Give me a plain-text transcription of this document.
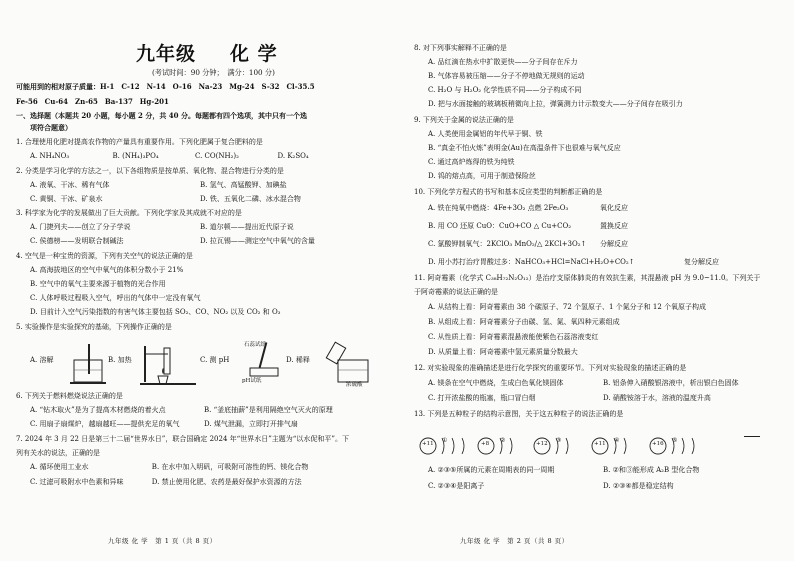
九年级 化 学
(考试时间：90 分钟；　满分：100 分)
可能用到的相对原子质量：H-1　C-12　N-14　O-16　Na-23　Mg-24　S-32　Cl-35.5
Fe-56　Cu-64　Zn-65　Ba-137　Hg-201
一、选择题（本题共 20 小题，每小题 2 分，共 40 分。每题都有四个选项，其中只有一个选
项符合题意）
1. 合理使用化肥对提高农作物的产量具有重要作用。下列化肥属于复合肥料的是
A. NH₄NO₃	B. (NH₄)₃PO₄	C. CO(NH₂)₂	D. K₂SO₄
2. 分类是学习化学的方法之一，以下各组物质是按单质、氧化物、混合物进行分类的是
A. 液氧、干冰、稀有气体	B. 氢气、高锰酸钾、加碘盐
C. 黄铜、干冰、矿泉水	D. 铁、五氧化二磷、冰水混合物
3. 科学家为化学的发展做出了巨大贡献。下列化学家及其成就不对应的是
A. 门捷列夫——创立了分子学说	B. 道尔顿——提出近代原子说
C. 侯德榜——发明联合制碱法	D. 拉瓦锡——测定空气中氧气的含量
4. 空气是一种宝贵的资源，下列有关空气的说法正确的是
A. 高海拔地区的空气中氧气的体积分数小于 21%
B. 空气中的氧气主要来源于植物的光合作用
C. 人体呼吸过程吸入空气，呼出的气体中一定没有氧气
D. 目前计入空气污染指数的有害气体主要包括 SO₂、CO、NO₂ 以及 CO₂ 和 O₃
5. 实验操作是实验探究的基础，下列操作正确的是
A. 溶解	B. 加热	C. 测 pH
石蕊试纸
pH试纸
D. 稀释
浓硫酸
6. 下列关于燃料燃烧说法正确的是
A. “钻木取火”是为了提高木材燃烧的着火点	B. “釜底抽薪”是利用隔绝空气灭火的原理
C. 用扇子扇煤炉，越扇越旺——提供充足的氧气	D. 煤气泄漏，立即打开排气扇
7. 2024 年 3 月 22 日是第三十二届“世界水日”，联合国确定 2024 年“世界水日”主题为“以水促和平”。下
列有关水的说法，正确的是
A. 循环使用工业水	B. 在水中加入明矾，可吸附可溶性的钙、镁化合物
C. 过滤可吸附水中色素和异味	D. 禁止使用化肥、农药是最好保护水资源的方法
九年级 化 学　第 1 页（共 8 页）
8. 对下列事实解释不正确的是
A. 品红滴在热水中扩散更快——分子间存在斥力
B. 气体容易被压缩——分子不停地做无规则的运动
C. H₂O 与 H₂O₂ 化学性质不同——分子构成不同
D. 把与水面接触的玻璃板稍微向上拉，弹簧测力计示数变大——分子间存在吸引力
9. 下列关于金属的说法正确的是
A. 人类使用金属铝的年代早于铜、铁
B. “真金不怕火炼”表明金(Au)在高温条件下也很难与氧气反应
C. 通过高炉炼得的铁为纯铁
D. 钨的熔点高，可用于制造保险丝
10. 下列化学方程式的书写和基本反应类型的判断都正确的是
A. 铁在纯氧中燃烧：4Fe+3O₂ 点燃 2Fe₂O₃	氧化反应
B. 用 CO 还原 CuO：CuO+CO △ Cu+CO₂	置换反应
C. 氯酸钾制氧气：2KClO₃ MnO₂/△ 2KCl+3O₂↑ 分解反应
D. 用小苏打治疗胃酸过多：NaHCO₃+HCl=NaCl+H₂O+CO₂↑	复分解反应
11. 阿奇霉素（化学式 C₃₈H₇₂N₂O₁₂）是治疗支原体肺炎的有效抗生素，其混悬液 pH 为 9.0~11.0。下列关于
于阿奇霉素的说法正确的是
A. 从结构上看：阿奇霉素由 38 个碳原子、72 个氢原子、1 个氮分子和 12 个氧原子构成
B. 从组成上看：阿奇霉素分子由碳、氢、氮、氧四种元素组成
C. 从性质上看：阿奇霉素混悬液能使紫色石蕊溶液变红
D. 从质量上看：阿奇霉素中氢元素质量分数最大
12. 对实验现象的准确描述是进行化学探究的重要环节。下列对实验现象的描述正确的是
A. 镁条在空气中燃烧，生成白色氧化镁固体	B. 铝条伸入硝酸银溶液中，析出银白色固体
C. 打开浓盐酸的瓶塞，瓶口冒白烟	D. 硝酸铵溶于水，溶液的温度升高
13. 下列是五种粒子的结构示意图，关于这五种粒子的说法正确的是
+11 ①	+8 ②	+12 ③	+11 ④	+16 ⑤
A. ②③⑤所属的元素在周期表的同一周期	B. ②和③能形成 A₂B 型化合物
C. ②③④是阳离子	D. ②③④都是稳定结构
九年级 化 学　第 2 页（共 8 页）
